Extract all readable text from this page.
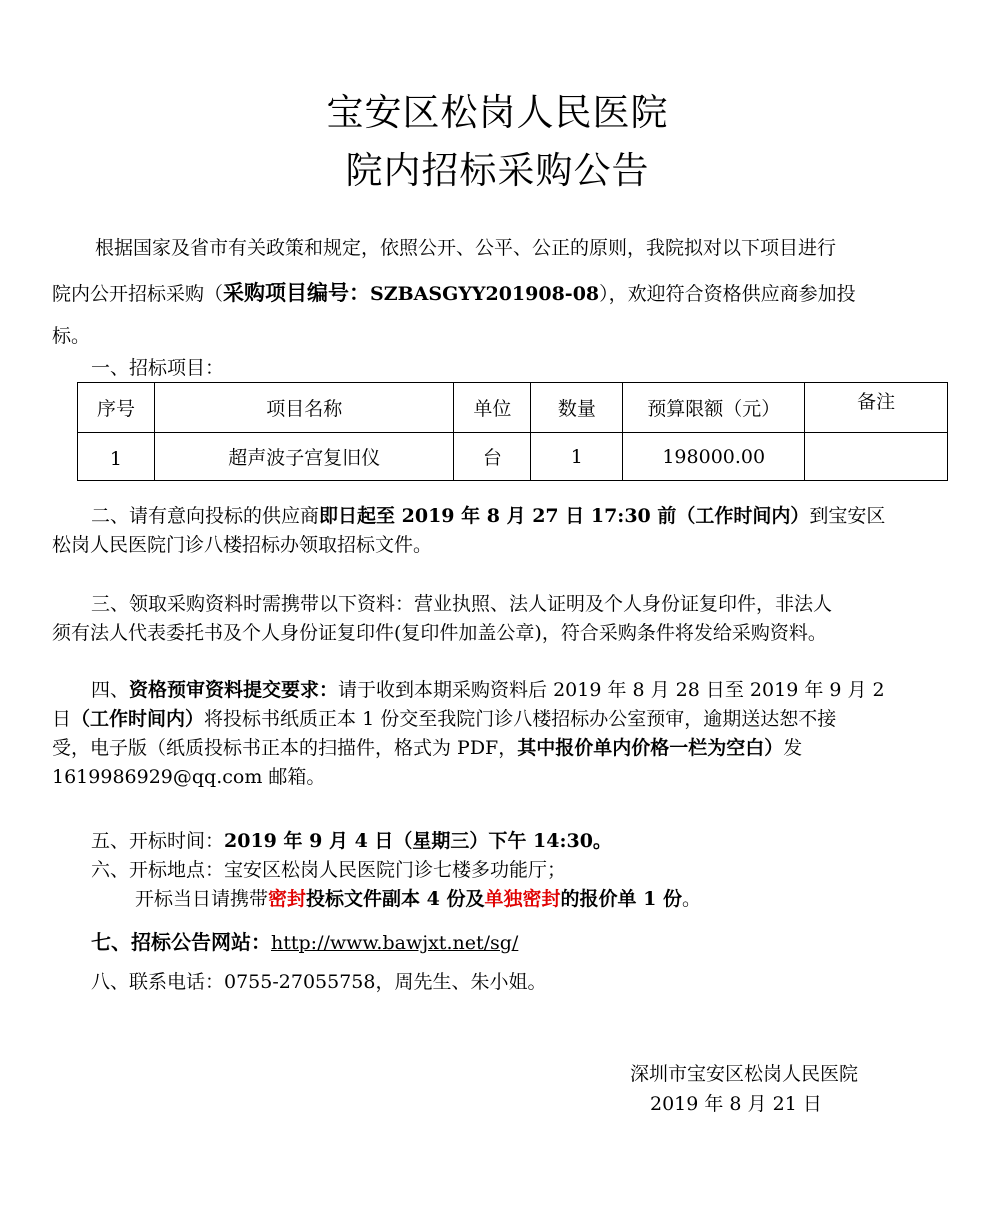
宝安区松岗人民医院
院内招标采购公告
根据国家及省市有关政策和规定，依照公开、公平、公正的原则，我院拟对以下项目进行
院内公开招标采购（采购项目编号：SZBASGYY201908-08），欢迎符合资格供应商参加投
标。
一、招标项目：
序号	项目名称	单位	数量	预算限额（元）	备注
1	超声波子宫复旧仪	台	1	198000.00	
二、请有意向投标的供应商即日起至 2019 年 8 月 27 日 17:30 前（工作时间内）到宝安区
松岗人民医院门诊八楼招标办领取招标文件。
三、领取采购资料时需携带以下资料：营业执照、法人证明及个人身份证复印件，非法人
须有法人代表委托书及个人身份证复印件(复印件加盖公章)，符合采购条件将发给采购资料。
四、资格预审资料提交要求：请于收到本期采购资料后 2019 年 8 月 28 日至 2019 年 9 月 2
日（工作时间内）将投标书纸质正本 1 份交至我院门诊八楼招标办公室预审，逾期送达恕不接
受，电子版（纸质投标书正本的扫描件，格式为 PDF，其中报价单内价格一栏为空白）发
1619986929@qq.com 邮箱。
五、开标时间：2019 年 9 月 4 日（星期三）下午 14:30。
六、开标地点：宝安区松岗人民医院门诊七楼多功能厅；
开标当日请携带密封投标文件副本 4 份及单独密封的报价单 1 份。
七、招标公告网站：http://www.bawjxt.net/sg/
八、联系电话：0755-27055758，周先生、朱小姐。
深圳市宝安区松岗人民医院
2019 年 8 月 21 日
